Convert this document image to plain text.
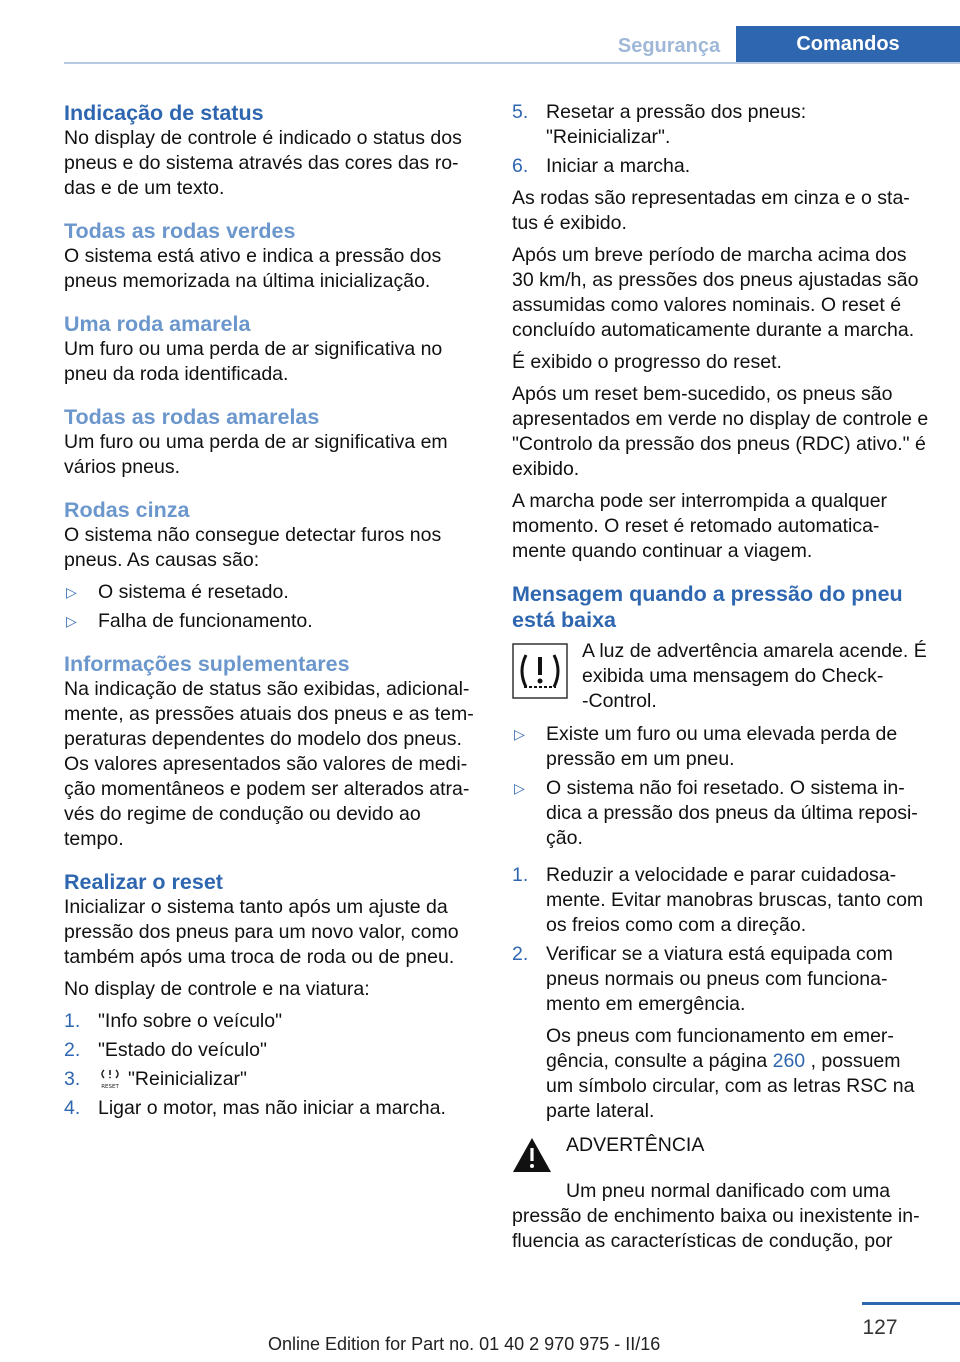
Segurança	Comandos
Indicação de status

No display de controle é indicado o status dos pneus e do sistema através das cores das ro-das e de um texto.

Todas as rodas verdes

O sistema está ativo e indica a pressão dos pneus memorizada na última inicialização.

Uma roda amarela

Um furo ou uma perda de ar significativa no pneu da roda identificada.

Todas as rodas amarelas

Um furo ou uma perda de ar significativa em vários pneus.

Rodas cinza

O sistema não consegue detectar furos nos pneus. As causas são:

▷ O sistema é resetado.
▷ Falha de funcionamento.
Informações suplementares

Na indicação de status são exibidas, adicional-mente, as pressões atuais dos pneus e as tem-peraturas dependentes do modelo dos pneus. Os valores apresentados são valores de medi-ção momentâneos e podem ser alterados atra-vés do regime de condução ou devido ao tempo.

Realizar o reset

Inicializar o sistema tanto após um ajuste da pressão dos pneus para um novo valor, como também após uma troca de roda ou de pneu.

No display de controle e na viatura:

1. "Info sobre o veículo"
2. "Estado do veículo"
3.	RESET "Reinicializar"
4. Ligar o motor, mas não iniciar a marcha.
5. Resetar a pressão dos pneus: "Reinicializar".
6. Iniciar a marcha.

As rodas são representadas em cinza e o sta-tus é exibido.

Após um breve período de marcha acima dos 30 km/h, as pressões dos pneus ajustadas são assumidas como valores nominais. O reset é concluído automaticamente durante a marcha.

É exibido o progresso do reset.

Após um reset bem-sucedido, os pneus são apresentados em verde no display de controle e "Controlo da pressão dos pneus (RDC) ativo." é exibido.

A marcha pode ser interrompida a qualquer momento. O reset é retomado automatica-mente quando continuar a viagem.

Mensagem quando a pressão do pneu está baixa
A luz de advertência amarela acende. É exibida uma mensagem do Check-‑Control.
▷ Existe um furo ou uma elevada perda de pressão em um pneu.
▷ O sistema não foi resetado. O sistema in-dica a pressão dos pneus da última reposi-ção.
1. Reduzir a velocidade e parar cuidadosa-mente. Evitar manobras bruscas, tanto com os freios como com a direção.
2. Verificar se a viatura está equipada com pneus normais ou pneus com funciona-mento em emergência.
Os pneus com funcionamento em emer-gência, consulte a página 260 , possuem um símbolo circular, com as letras RSC na parte lateral.
ADVERTÊNCIA

Um pneu normal danificado com uma pressão de enchimento baixa ou inexistente in-fluencia as características de condução, por

127
Online Edition for Part no. 01 40 2 970 975 - II/16
